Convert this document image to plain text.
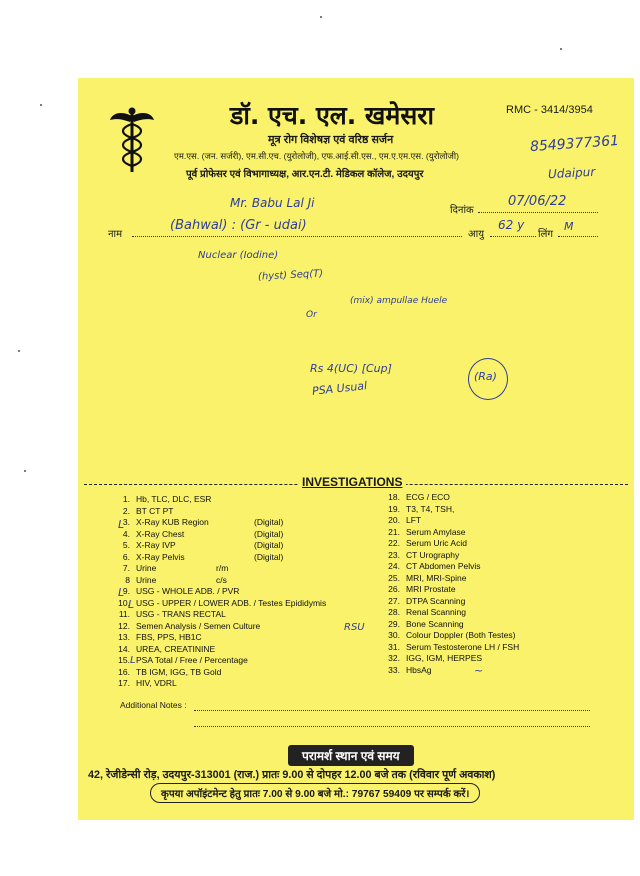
डॉ. एच. एल. खमेसरा	RMC - 3414/3954
मूत्र रोग विशेषज्ञ एवं वरिष्ठ सर्जन
एम.एस. (जन. सर्जरी), एम.सी.एच. (युरोलोजी), एफ.आई.सी.एस., एम.ए.एम.एस. (युरोलोजी)
पूर्व प्रोफेसर एवं विभागाध्यक्ष, आर.एन.टी. मेडिकल कॉलेज, उदयपुर
8549377361
Udaipur
Mr. Babu Lal Ji
दिनांक
07/06/22
नाम
(Bahwal) : (Gr - udai)
आयु
62 y
लिंग
M
Nuclear (Iodine)
(hyst) Seq(T)
Or
(mix) ampullae Huele
Rs 4(UC) [Cup]
PSA Usual
(Ra)
INVESTIGATIONS
L
L
L
L
RSU
~
Additional Notes :
परामर्श स्थान एवं समय
42, रेजीडेन्सी रोड़, उदयपुर-313001 (राज.) प्रातः 9.00 से दोपहर 12.00 बजे तक (रविवार पूर्ण अवकाश)
कृपया अपॉइंटमेन्ट हेतु प्रातः 7.00 से 9.00 बजे मो.: 79767 59409 पर सम्पर्क करें।
1. Hb, TLC, DLC, ESR
2. BT CT PT
3. X-Ray KUB Region	(Digital)
4. X-Ray Chest	(Digital)
5. X-Ray IVP	(Digital)
6. X-Ray Pelvis	(Digital)
7. Urine	r/m
8 Urine	c/s
9. USG - WHOLE ADB. / PVR
10. USG - UPPER / LOWER ADB. / Testes Epididymis
11. USG - TRANS RECTAL
12. Semen Analysis / Semen Culture
13. FBS, PPS, HB1C
14. UREA, CREATININE
15. PSA Total / Free / Percentage
16. TB IGM, IGG, TB Gold
17. HIV, VDRL
18. ECG / ECO
19. T3, T4, TSH,
20. LFT
21. Serum Amylase
22. Serum Uric Acid
23. CT Urography
24. CT Abdomen Pelvis
25. MRI, MRI-Spine
26. MRI Prostate
27. DTPA Scanning
28. Renal Scanning
29. Bone Scanning
30. Colour Doppler (Both Testes)
31. Serum Testosterone LH / FSH
32. IGG, IGM, HERPES
33. HbsAg
